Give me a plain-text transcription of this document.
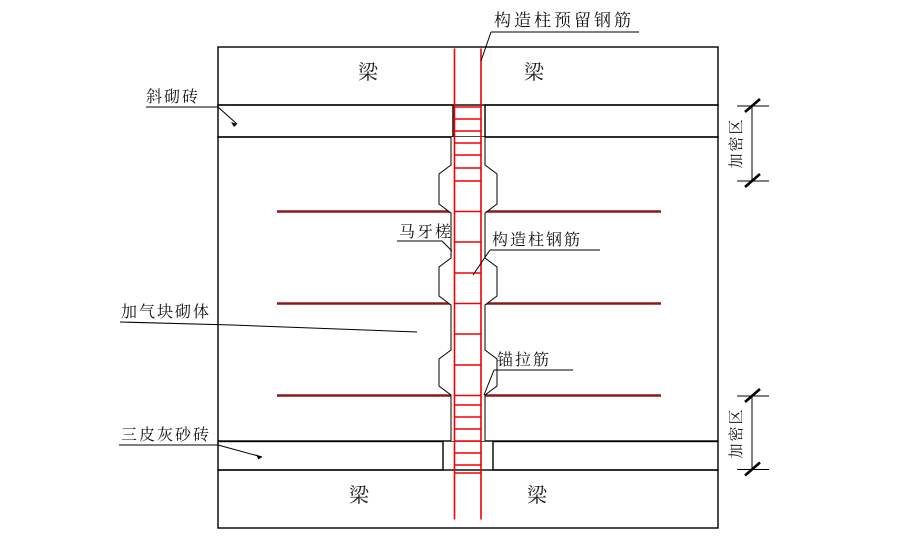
梁	梁
梁	梁
构造柱预留钢筋
斜砌砖
马牙槎 构造柱钢筋
加气块砌体
锚拉筋
三皮灰砂砖
加密区
加密区
